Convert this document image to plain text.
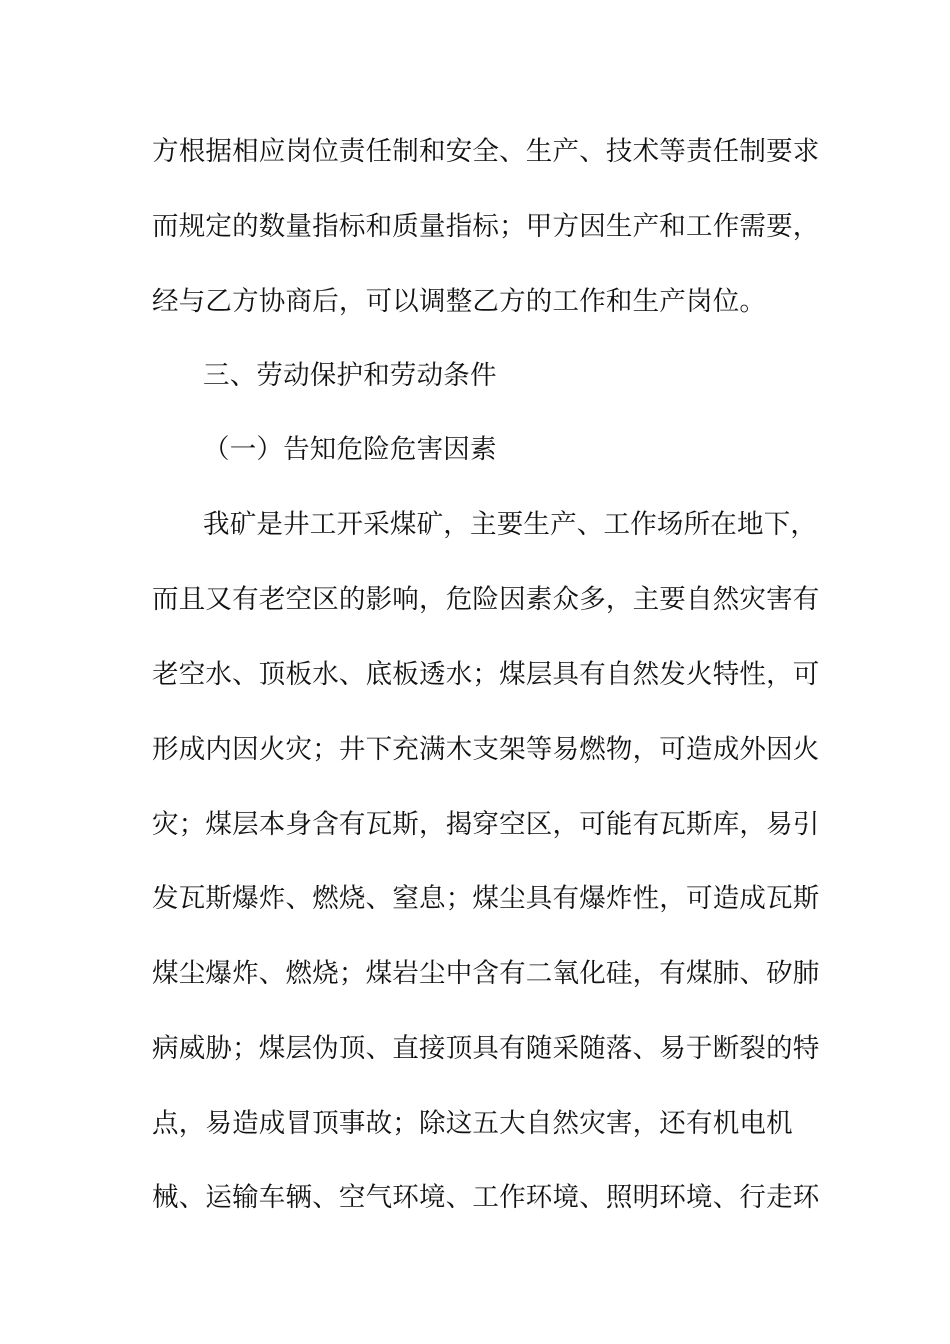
方根据相应岗位责任制和安全、生产、技术等责任制要求
而规定的数量指标和质量指标；甲方因生产和工作需要，
经与乙方协商后，可以调整乙方的工作和生产岗位。
三、劳动保护和劳动条件
（一）告知危险危害因素
我矿是井工开采煤矿，主要生产、工作场所在地下，
而且又有老空区的影响，危险因素众多，主要自然灾害有
老空水、顶板水、底板透水；煤层具有自然发火特性，可
形成内因火灾；井下充满木支架等易燃物，可造成外因火
灾；煤层本身含有瓦斯，揭穿空区，可能有瓦斯库，易引
发瓦斯爆炸、燃烧、窒息；煤尘具有爆炸性，可造成瓦斯
煤尘爆炸、燃烧；煤岩尘中含有二氧化硅，有煤肺、矽肺
病威胁；煤层伪顶、直接顶具有随采随落、易于断裂的特
点，易造成冒顶事故；除这五大自然灾害，还有机电机
械、运输车辆、空气环境、工作环境、照明环境、行走环
